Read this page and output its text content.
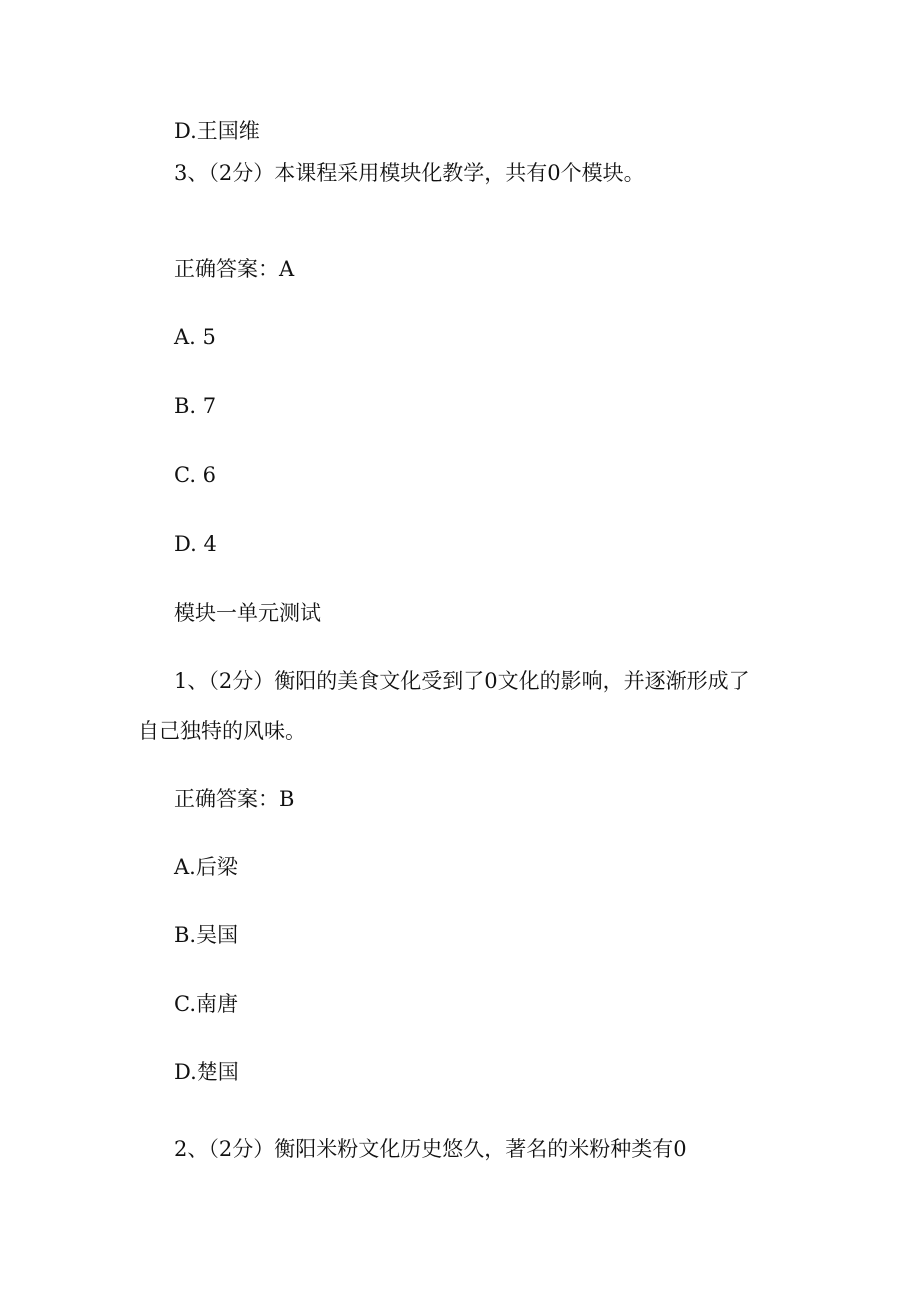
D.王国维

3、（2分）本课程采用模块化教学，共有0个模块。

正确答案：A

A. 5

B. 7

C. 6

D. 4

模块一单元测试

1、（2分）衡阳的美食文化受到了0文化的影响，并逐渐形成了

自己独特的风味。

正确答案：B

A.后梁

B.吴国

C.南唐

D.楚国

2、（2分）衡阳米粉文化历史悠久，著名的米粉种类有0
